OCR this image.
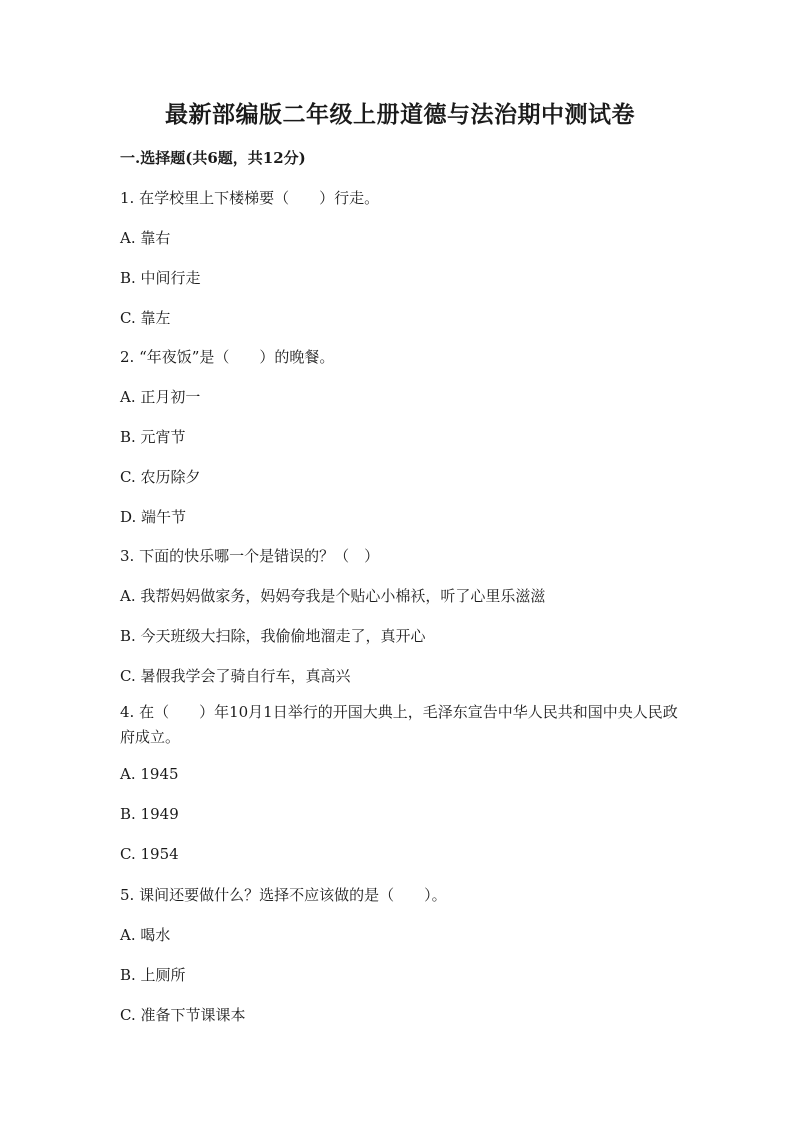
最新部编版二年级上册道德与法治期中测试卷
一.选择题(共6题，共12分)
1. 在学校里上下楼梯要（　　）行走。
A. 靠右
B. 中间行走
C. 靠左
2. “年夜饭”是（　　）的晚餐。
A. 正月初一
B. 元宵节
C. 农历除夕
D. 端午节
3. 下面的快乐哪一个是错误的？（　）
A. 我帮妈妈做家务，妈妈夸我是个贴心小棉袄，听了心里乐滋滋
B. 今天班级大扫除，我偷偷地溜走了，真开心
C. 暑假我学会了骑自行车，真高兴
4. 在（　　）年10月1日举行的开国大典上，毛泽东宣告中华人民共和国中央人民政府成立。
A. 1945
B. 1949
C. 1954
5. 课间还要做什么？选择不应该做的是（　　）。
A. 喝水
B. 上厕所
C. 准备下节课课本
